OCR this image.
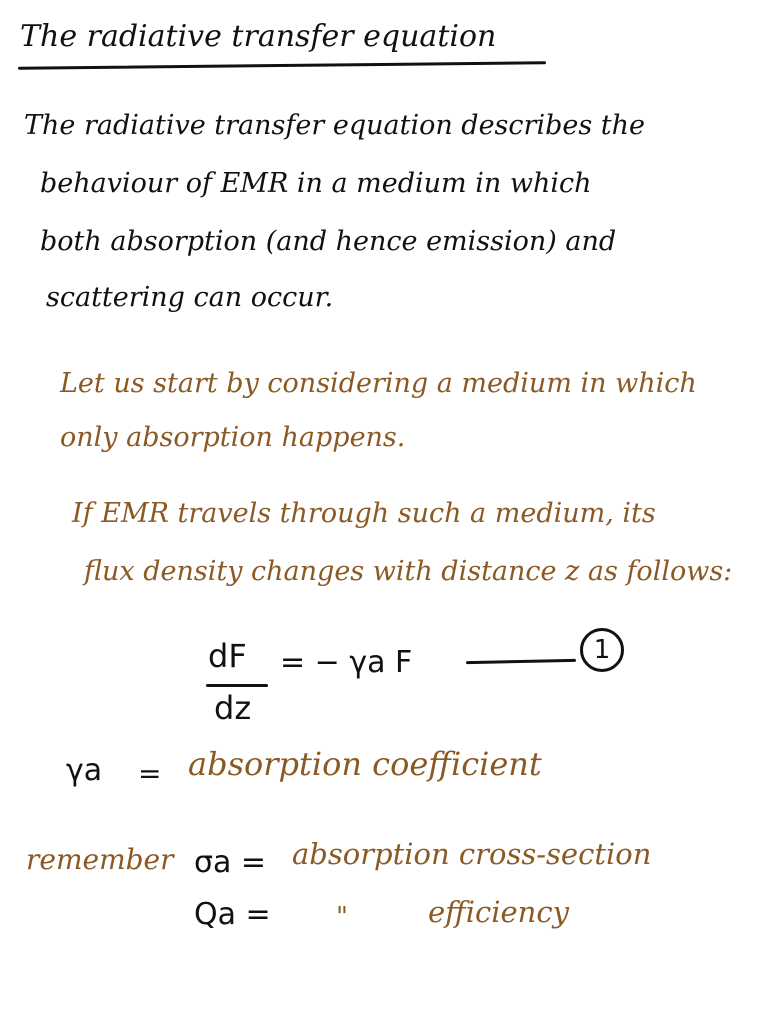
The radiative transfer equation

The radiative transfer equation describes the

behaviour of EMR in a medium in which

both absorption (and hence emission) and

scattering can occur.

Let us start by considering a medium in which

only absorption happens.

If EMR travels through such a medium, its

flux density changes with distance z as follows:

dF
dz
= − γa F	1
γa = absorption coefficient
remember σa = absorption cross-section
Qa =	"	efficiency
